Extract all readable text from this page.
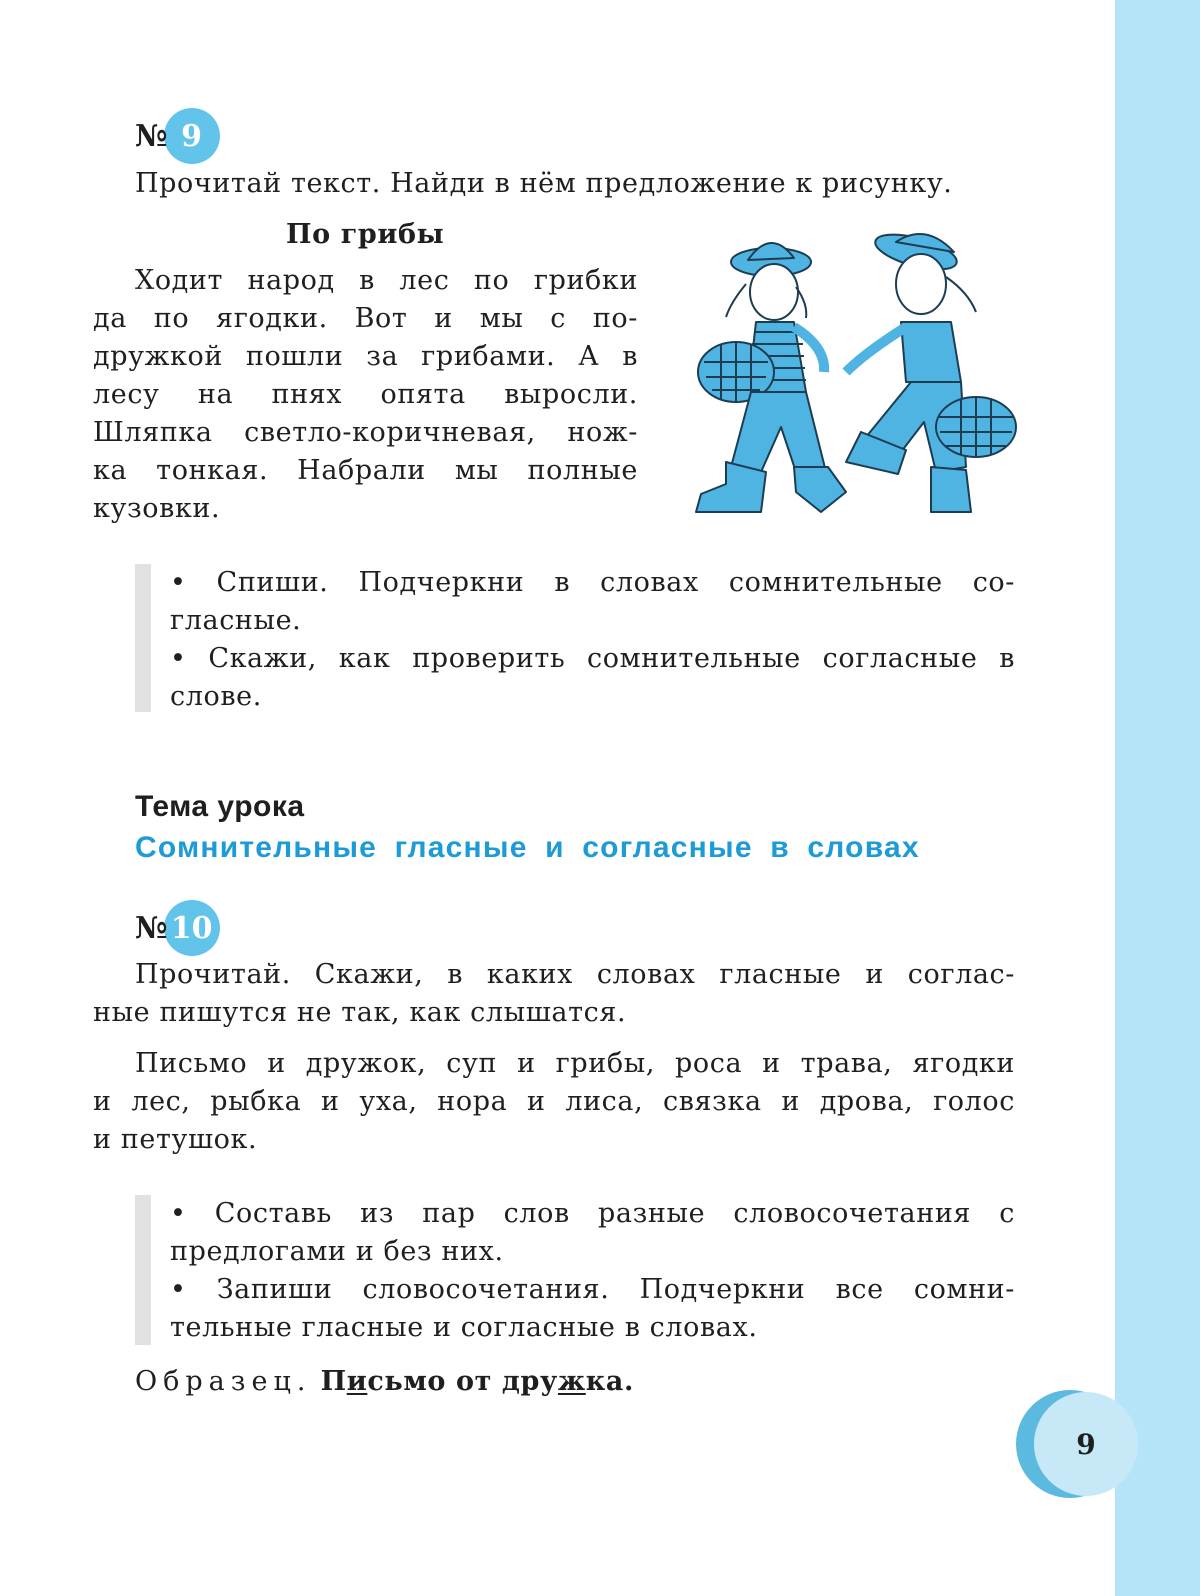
№ 9
Прочитай текст. Найди в нём предложение к рисунку.
По грибы
Ходит народ в лес по грибки
да по ягодки. Вот и мы с по-
дружкой пошли за грибами. А в
лесу на пнях опята выросли.
Шляпка светло-коричневая, нож-
ка тонкая. Набрали мы полные
кузовки.
• Спиши. Подчеркни в словах сомнительные со-
гласные.
• Скажи, как проверить сомнительные согласные в
слове.
Тема урока
Сомнительные гласные и согласные в словах
№ 10
Прочитай. Скажи, в каких словах гласные и соглас-
ные пишутся не так, как слышатся.
Письмо и дружок, суп и грибы, роса и трава, ягодки
и лес, рыбка и уха, нора и лиса, связка и дрова, голос
и петушок.
• Составь из пар слов разные словосочетания с
предлогами и без них.
• Запиши словосочетания. Подчеркни все сомни-
тельные гласные и согласные в словах.
Образец. Письмо от дружка.
9
